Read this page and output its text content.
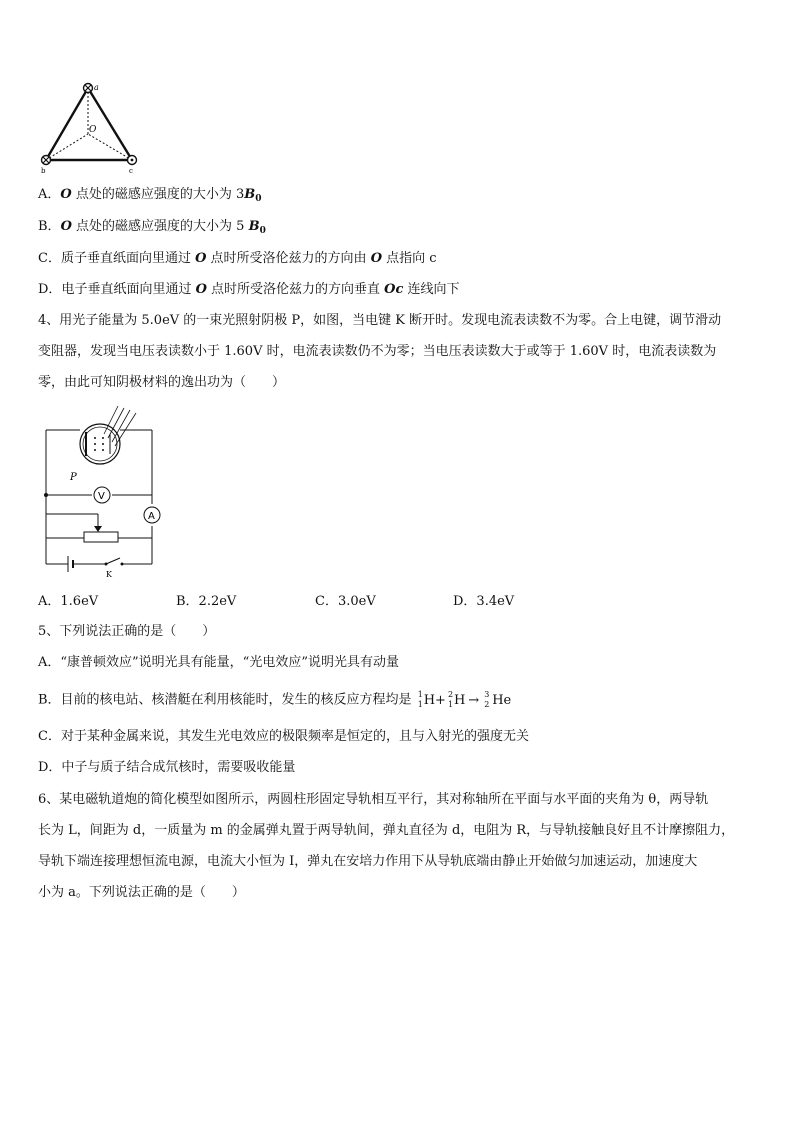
a
O
b	c
A．O 点处的磁感应强度的大小为 $3B_0$
B．O 点处的磁感应强度的大小为 5 $B_0$
C．质子垂直纸面向里通过 O 点时所受洛伦兹力的方向由 O 点指向 c
D．电子垂直纸面向里通过 O 点时所受洛伦兹力的方向垂直 Oc 连线向下
4、用光子能量为 5.0eV 的一束光照射阴极 P，如图，当电键 K 断开时。发现电流表读数不为零。合上电键，调节滑动
变阻器，发现当电压表读数小于 1.60V 时，电流表读数仍不为零；当电压表读数大于或等于 1.60V 时，电流表读数为
零，由此可知阴极材料的逸出功为（　　）
P
V
A
K
A．1.6eV	B．2.2eV	C．3.0eV	D．3.4eV
5、下列说法正确的是（　　）
A．“康普顿效应”说明光具有能量，“光电效应”说明光具有动量
B．目前的核电站、核潜艇在利用核能时，发生的核反应方程均是 1
1 H+ 2
1 H → 3
2 He
C．对于某种金属来说，其发生光电效应的极限频率是恒定的，且与入射光的强度无关
D．中子与质子结合成氘核时，需要吸收能量
6、某电磁轨道炮的简化模型如图所示，两圆柱形固定导轨相互平行，其对称轴所在平面与水平面的夹角为 θ，两导轨
长为 L，间距为 d，一质量为 m 的金属弹丸置于两导轨间，弹丸直径为 d，电阻为 R，与导轨接触良好且不计摩擦阻力，
导轨下端连接理想恒流电源，电流大小恒为 I，弹丸在安培力作用下从导轨底端由静止开始做匀加速运动，加速度大
小为 a。下列说法正确的是（　　）
